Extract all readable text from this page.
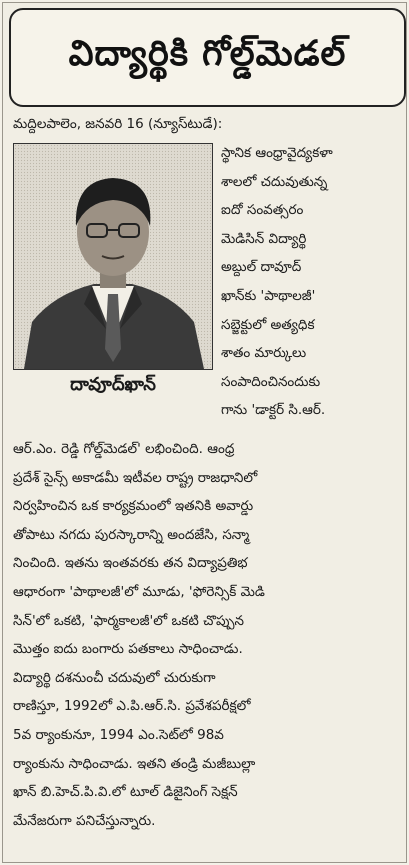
విద్యార్థికి గోల్డ్‌మెడల్
మద్దిలపాలెం, జనవరి 16 (న్యూస్‌టుడే):
దావూద్‌ఖాన్
స్థానిక ఆంధ్రావైద్యకళా
శాలలో చదువుతున్న
ఐదో సంవత్సరం
మెడిసిన్ విద్యార్థి
అబ్దుల్ దావూద్
ఖాన్‌కు 'పాథాలజీ'
సబ్జెక్టులో అత్యధిక
శాతం మార్కులు
సంపాదించినందుకు
గాను 'డాక్టర్ సి.ఆర్.
ఆర్.ఎం. రెడ్డి గోల్డ్‌మెడల్' లభించింది. ఆంధ్ర
ప్రదేశ్ సైన్స్ అకాడమీ ఇటీవల రాష్ట్ర రాజధానిలో
నిర్వహించిన ఒక కార్యక్రమంలో ఇతనికి అవార్డు
తోపాటు నగదు పురస్కారాన్ని అందజేసి, సన్మా
నించింది. ఇతను ఇంతవరకు తన విద్యాప్రతిభ
ఆధారంగా 'పాథాలజీ'లో మూడు, 'ఫోరెన్సిక్ మెడి
సిన్'లో ఒకటి, 'ఫార్మకాలజీ'లో ఒకటి చొప్పున
మొత్తం ఐదు బంగారు పతకాలు సాధించాడు.
విద్యార్థి దశనుంచీ చదువులో చురుకుగా
రాణిస్తూ, 1992లో ఎ.పి.ఆర్.సి. ప్రవేశపరీక్షలో
5వ ర్యాంకునూ, 1994 ఎం.సెట్‌లో 98వ
ర్యాంకును సాధించాడు. ఇతని తండ్రి మజీబుల్లా
ఖాన్ బి.హెచ్.పి.వి.లో టూల్ డిజైనింగ్ సెక్షన్
మేనేజరుగా పనిచేస్తున్నారు.
